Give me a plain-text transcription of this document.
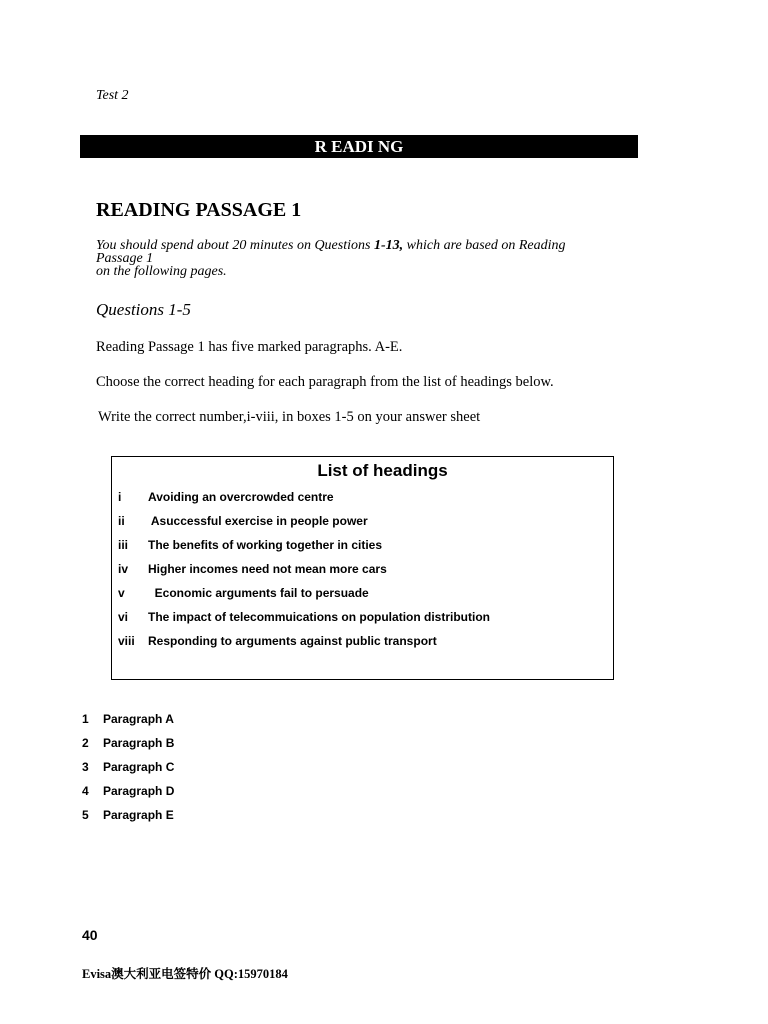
Test 2
R EADI NG
READING PASSAGE 1
You should spend about 20 minutes on Questions 1-13, which are based on Reading
Passage 1
on the following pages.
Questions 1-5
Reading Passage 1 has five marked paragraphs. A-E.
Choose the correct heading for each paragraph from the list of headings below.
Write the correct number,i-viii, in boxes 1-5 on your answer sheet
List of headings
i Avoiding an overcrowded centre
ii Asuccessful exercise in people power
iii The benefits of working together in cities
iv Higher incomes need not mean more cars
v  Economic arguments fail to persuade
vi The impact of telecommuications on population distribution
viii Responding to arguments against public transport
1 Paragraph A
2 Paragraph B
3 Paragraph C
4 Paragraph D
5 Paragraph E
40
Evisa澳大利亚电签特价 QQ:15970184
